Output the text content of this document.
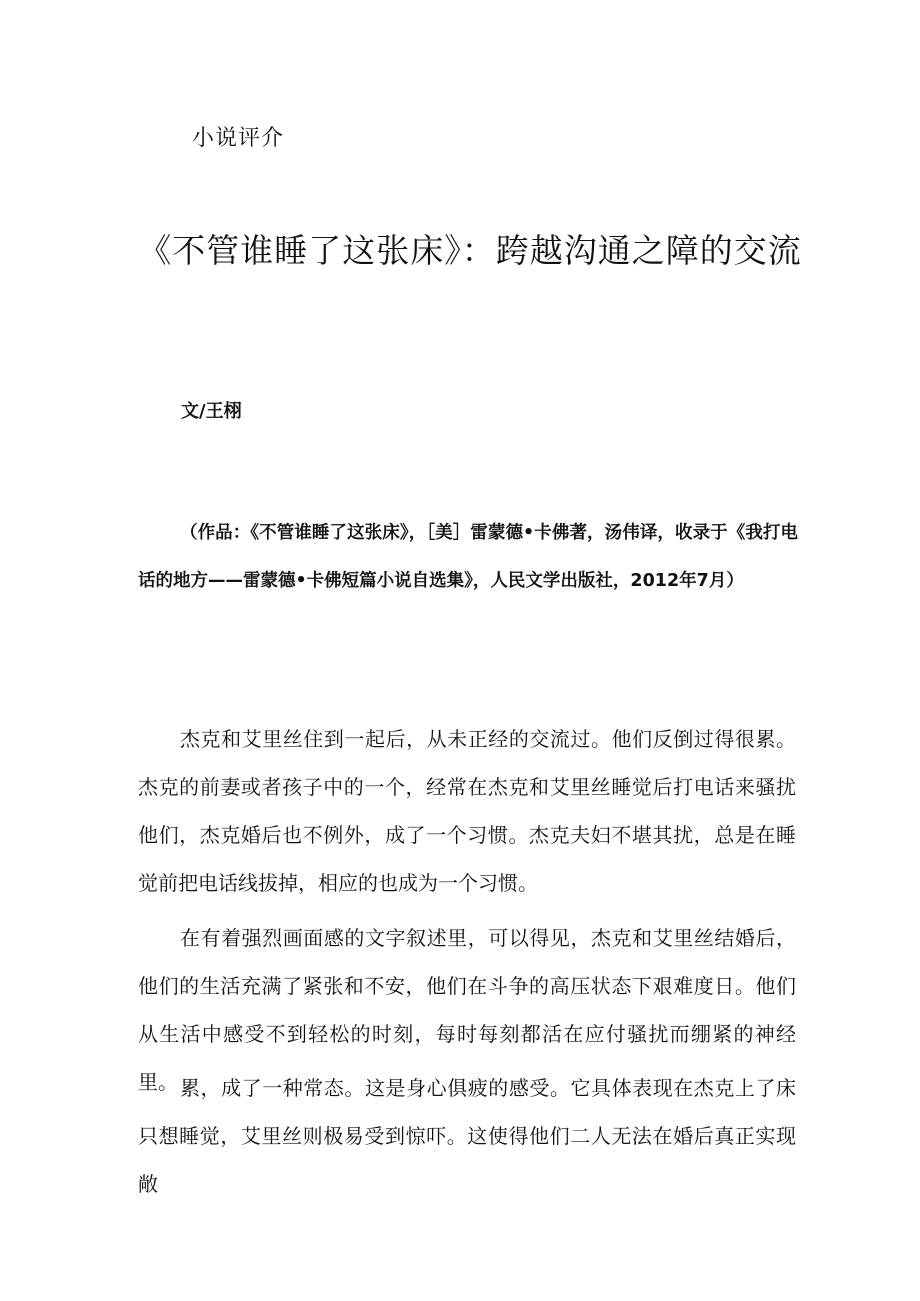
小说评介
《不管谁睡了这张床》：跨越沟通之障的交流
文/王栩
（作品：《不管谁睡了这张床》，［美］雷蒙德•卡佛著，汤伟译，收录于《我打电话的地方——雷蒙德•卡佛短篇小说自选集》，人民文学出版社，2012年7月）

杰克和艾里丝住到一起后，从未正经的交流过。他们反倒过得很累。杰克的前妻或者孩子中的一个，经常在杰克和艾里丝睡觉后打电话来骚扰他们，杰克婚后也不例外，成了一个习惯。杰克夫妇不堪其扰，总是在睡觉前把电话线拔掉，相应的也成为一个习惯。

在有着强烈画面感的文字叙述里，可以得见，杰克和艾里丝结婚后，他们的生活充满了紧张和不安，他们在斗争的高压状态下艰难度日。他们从生活中感受不到轻松的时刻，每时每刻都活在应付骚扰而绷紧的神经里。 累，成了一种常态。这是身心俱疲的感受。它具体表现在杰克上了床只想睡觉，艾里丝则极易受到惊吓。这使得他们二人无法在婚后真正实现敞
